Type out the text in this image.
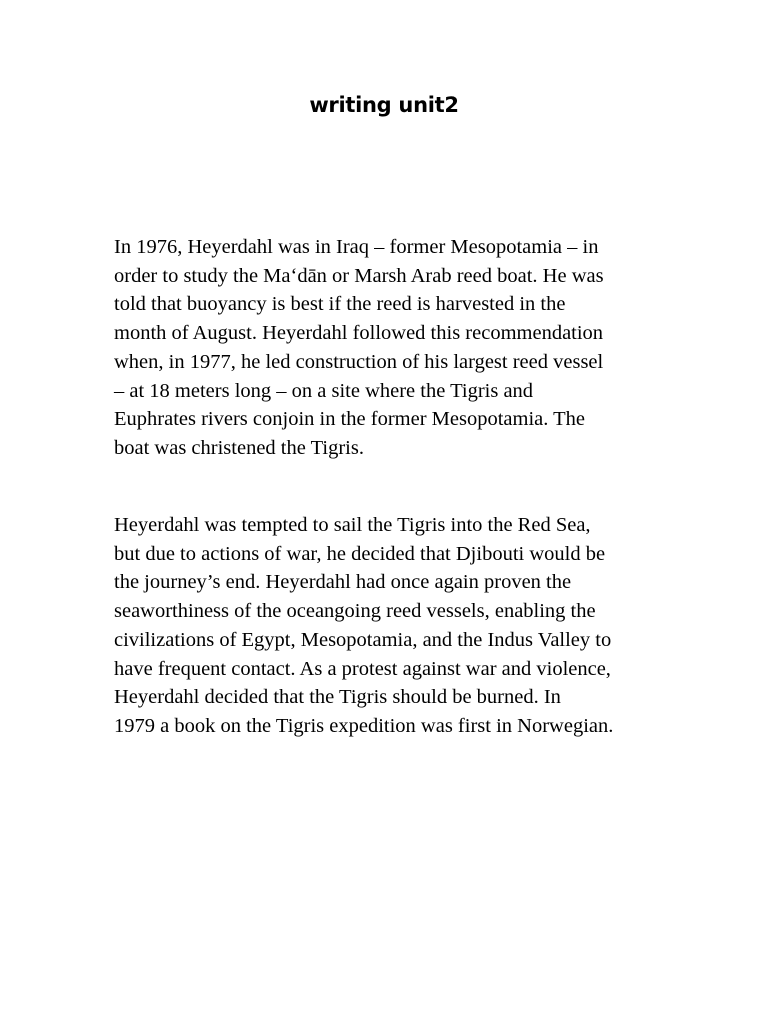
writing unit2

In 1976, Heyerdahl was in Iraq – former Mesopotamia – in
order to study the Ma‘dān or Marsh Arab reed boat. He was
told that buoyancy is best if the reed is harvested in the
month of August. Heyerdahl followed this recommendation
when, in 1977, he led construction of his largest reed vessel
– at 18 meters long – on a site where the Tigris and
Euphrates rivers conjoin in the former Mesopotamia. The
boat was christened the Tigris.

Heyerdahl was tempted to sail the Tigris into the Red Sea,
but due to actions of war, he decided that Djibouti would be
the journey’s end. Heyerdahl had once again proven the
seaworthiness of the oceangoing reed vessels, enabling the
civilizations of Egypt, Mesopotamia, and the Indus Valley to
have frequent contact. As a protest against war and violence,
Heyerdahl decided that the Tigris should be burned. In
1979 a book on the Tigris expedition was first in Norwegian.
